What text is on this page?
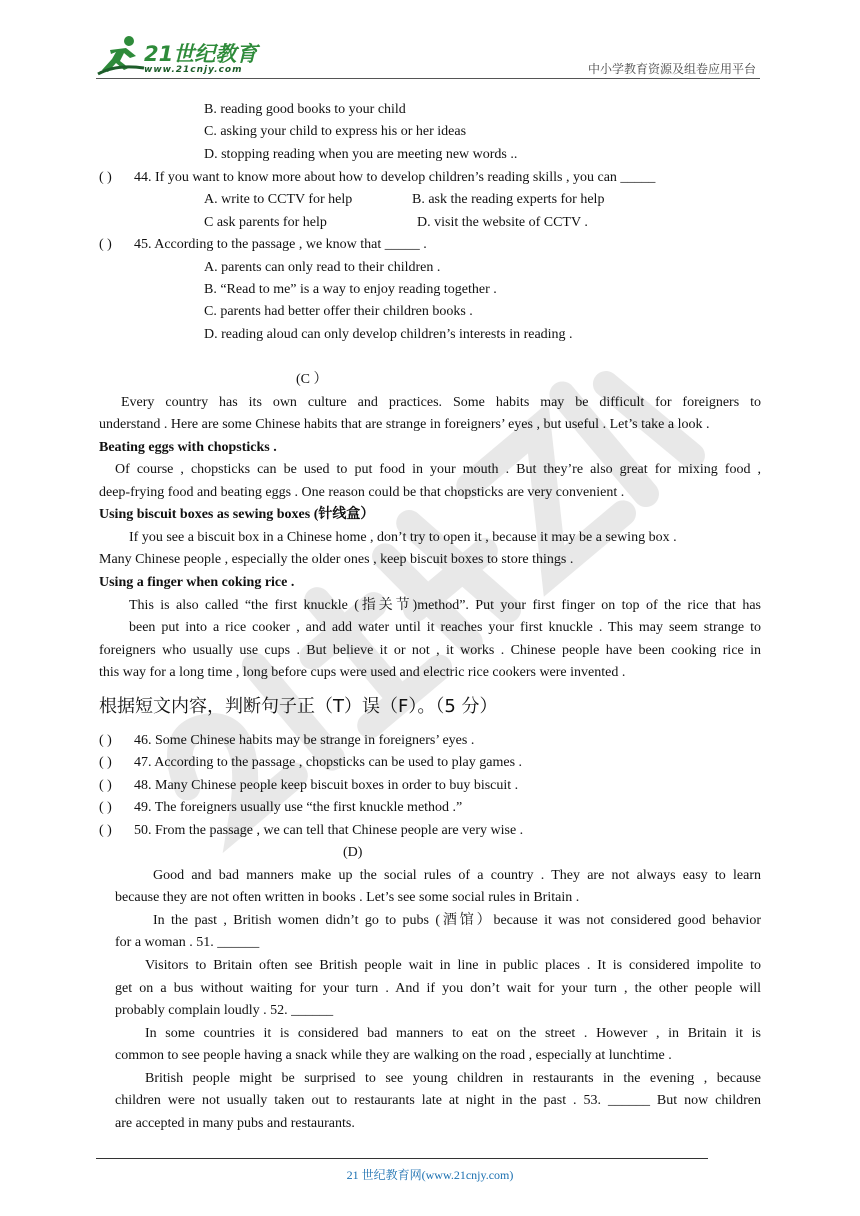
21世纪教育
www.21cnjy.com	中小学教育资源及组卷应用平台
B. reading good books to your child
C. asking your child to express his or her ideas
D. stopping reading when you are meeting new words ..
( ) 44. If you want to know more about how to develop children’s reading skills , you can _____
A. write to CCTV for help	B. ask the reading experts for help
C ask parents for help	D. visit the website of CCTV .
( ) 45. According to the passage , we know that _____ .
A. parents can only read to their children .
B. “Read to me” is a way to enjoy reading together .
C. parents had better offer their children books .
D. reading aloud can only develop children’s interests in reading .
(C ）
Every country has its own culture and practices. Some habits may be difficult for foreigners to
understand . Here are some Chinese habits that are strange in foreigners’ eyes , but useful . Let’s take a look .
Beating eggs with chopsticks .
Of course , chopsticks can be used to put food in your mouth . But they’re also great for mixing food ,
deep-frying food and beating eggs . One reason could be that chopsticks are very convenient .
Using biscuit boxes as sewing boxes (针线盒）
If you see a biscuit box in a Chinese home , don’t try to open it , because it may be a sewing box .
Many Chinese people , especially the older ones , keep biscuit boxes to store things .
Using a finger when coking rice .
This is also called “the first knuckle (指关节)method”. Put your first finger on top of the rice that has
been put into a rice cooker , and add water until it reaches your first knuckle . This may seem strange to
foreigners who usually use cups . But believe it or not , it works . Chinese people have been cooking rice in
this way for a long time , long before cups were used and electric rice cookers were invented .
根据短文内容，判断句子正（T）误（F）。（5 分）
( ) 46. Some Chinese habits may be strange in foreigners’ eyes .
( ) 47. According to the passage , chopsticks can be used to play games .
( ) 48. Many Chinese people keep biscuit boxes in order to buy biscuit .
( ) 49. The foreigners usually use “the first knuckle method .”
( ) 50. From the passage , we can tell that Chinese people are very wise .
(D)
Good and bad manners make up the social rules of a country . They are not always easy to learn
because they are not often written in books . Let’s see some social rules in Britain .
In the past , British women didn’t go to pubs (酒馆）because it was not considered good behavior
for a woman . 51. ______
Visitors to Britain often see British people wait in line in public places . It is considered impolite to
get on a bus without waiting for your turn . And if you don’t wait for your turn , the other people will
probably complain loudly . 52. ______
In some countries it is considered bad manners to eat on the street . However , in Britain it is
common to see people having a snack while they are walking on the road , especially at lunchtime .
British people might be surprised to see young children in restaurants in the evening , because
children were not usually taken out to restaurants late at night in the past . 53. ______ But now children
are accepted in many pubs and restaurants.
21 世纪教育网(www.21cnjy.com)
